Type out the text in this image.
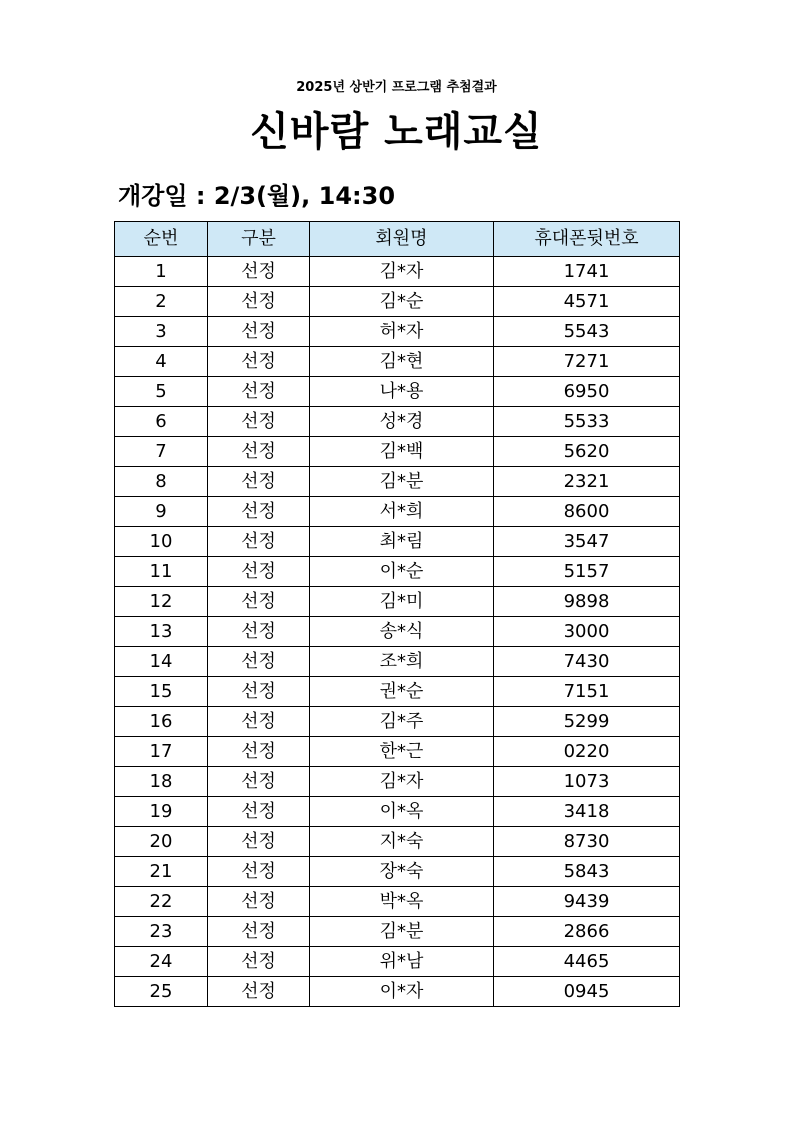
2025년 상반기 프로그램 추첨결과
신바람 노래교실
개강일 : 2/3(월), 14:30
순번	구분	회원명	휴대폰뒷번호
1	선정	김*자	1741
2	선정	김*순	4571
3	선정	허*자	5543
4	선정	김*현	7271
5	선정	나*용	6950
6	선정	성*경	5533
7	선정	김*백	5620
8	선정	김*분	2321
9	선정	서*희	8600
10	선정	최*림	3547
11	선정	이*순	5157
12	선정	김*미	9898
13	선정	송*식	3000
14	선정	조*희	7430
15	선정	권*순	7151
16	선정	김*주	5299
17	선정	한*근	0220
18	선정	김*자	1073
19	선정	이*옥	3418
20	선정	지*숙	8730
21	선정	장*숙	5843
22	선정	박*옥	9439
23	선정	김*분	2866
24	선정	위*남	4465
25	선정	이*자	0945
